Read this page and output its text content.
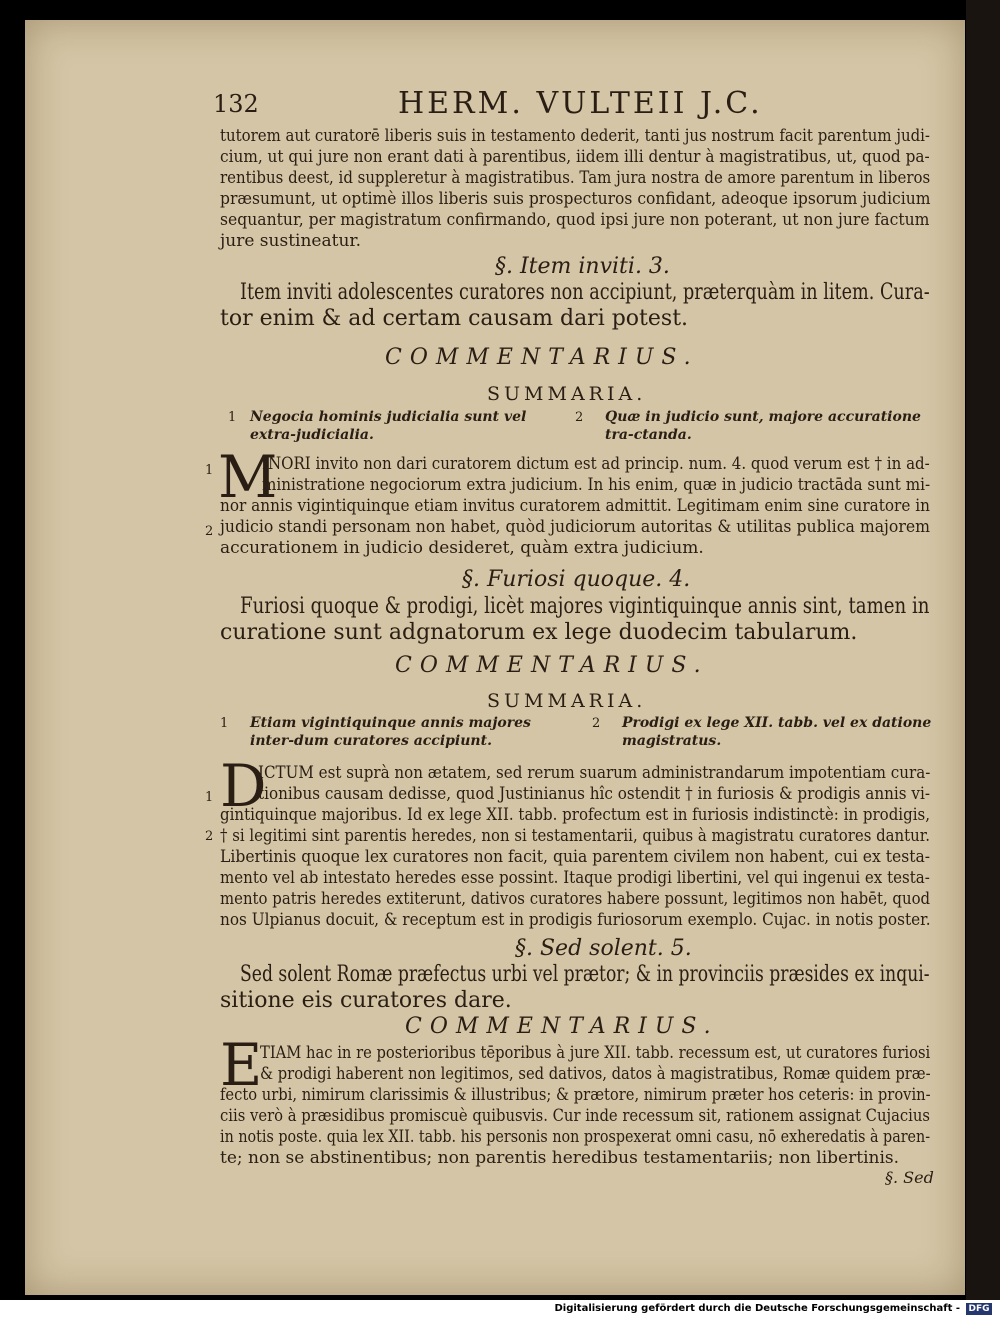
132	HERM. VULTEII J.C.
tutorem aut curatorē liberis suis in testamento dederit, tanti jus nostrum facit parentum judi-
cium, ut qui jure non erant dati à parentibus, iidem illi dentur à magistratibus, ut, quod pa-
rentibus deest, id suppleretur à magistratibus. Tam jura nostra de amore parentum in liberos
præsumunt, ut optimè illos liberis suis prospecturos confidant, adeoque ipsorum judicium
sequantur, per magistratum confirmando, quod ipsi jure non poterant, ut non jure factum
jure sustineatur.
§. Item inviti. 3.
Item inviti adolescentes curatores non accipiunt, præterquàm in litem. Cura-
tor enim & ad certam causam dari potest.
COMMENTARIUS.
SUMMARIA.
1 Negocia hominis judicialia sunt vel extra-judicialia.
2 Quæ in judicio sunt, majore accuratione tra-ctanda.
1 M
INORI invito non dari curatorem dictum est ad princip. num. 4. quod verum est † in ad-
ministratione negociorum extra judicium. In his enim, quæ in judicio tractāda sunt mi-
nor annis vigintiquinque etiam invitus curatorem admittit. Legitimam enim sine curatore in
2 judicio standi personam non habet, quòd judiciorum autoritas & utilitas publica majorem
accurationem in judicio desideret, quàm extra judicium.
§. Furiosi quoque. 4.
Furiosi quoque & prodigi, licèt majores vigintiquinque annis sint, tamen in
curatione sunt adgnatorum ex lege duodecim tabularum.
COMMENTARIUS.
SUMMARIA.
1 Etiam vigintiquinque annis majores inter-dum curatores accipiunt.
2 Prodigi ex lege XII. tabb. vel ex datione magistratus.
D
1
ICTUM est suprà non ætatem, sed rerum suarum administrandarum impotentiam cura-
tionibus causam dedisse, quod Justinianus hîc ostendit † in furiosis & prodigis annis vi-
gintiquinque majoribus. Id ex lege XII. tabb. profectum est in furiosis indistinctè: in prodigis,
2 † si legitimi sint parentis heredes, non si testamentarii, quibus à magistratu curatores dantur.
Libertinis quoque lex curatores non facit, quia parentem civilem non habent, cui ex testa-
mento vel ab intestato heredes esse possint. Itaque prodigi libertini, vel qui ingenui ex testa-
mento patris heredes extiterunt, dativos curatores habere possunt, legitimos non habēt, quod
nos Ulpianus docuit, & receptum est in prodigis furiosorum exemplo. Cujac. in notis poster.
§. Sed solent. 5.
Sed solent Romæ præfectus urbi vel prætor; & in provinciis præsides ex inqui-
sitione eis curatores dare.
COMMENTARIUS.
E
TIAM hac in re posterioribus tēporibus à jure XII. tabb. recessum est, ut curatores furiosi
& prodigi haberent non legitimos, sed dativos, datos à magistratibus, Romæ quidem præ-
fecto urbi, nimirum clarissimis & illustribus; & prætore, nimirum præter hos ceteris: in provin-
ciis verò à præsidibus promiscuè quibusvis. Cur inde recessum sit, rationem assignat Cujacius
in notis poste. quia lex XII. tabb. his personis non prospexerat omni casu, nō exheredatis à paren-
te; non se abstinentibus; non parentis heredibus testamentariis; non libertinis.
§. Sed
Digitalisierung gefördert durch die Deutsche Forschungsgemeinschaft - DFG
